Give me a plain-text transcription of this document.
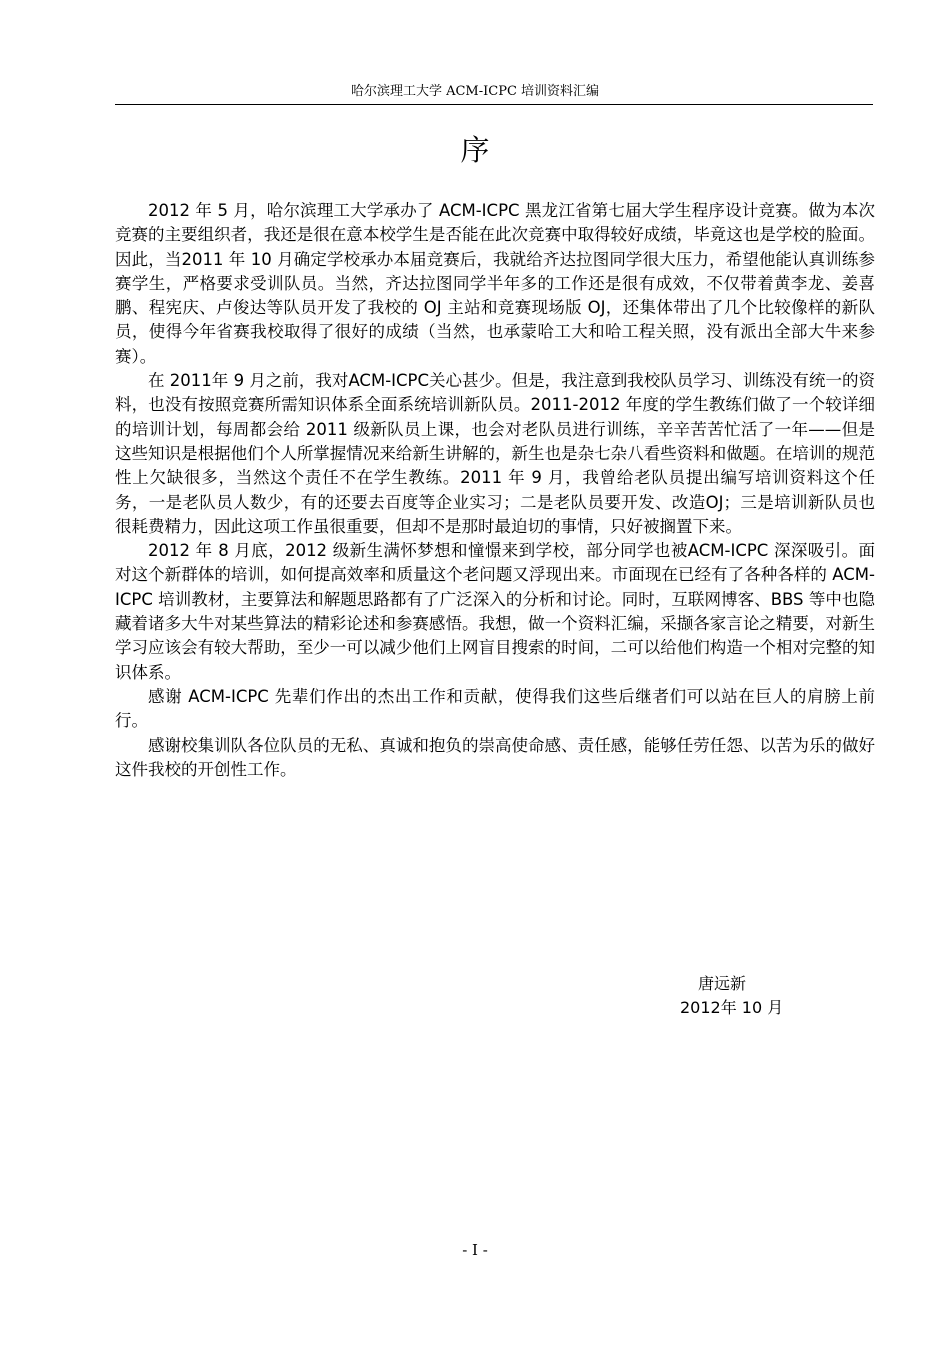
哈尔滨理工大学 ACM-ICPC 培训资料汇编
序

2012 年 5 月，哈尔滨理工大学承办了 ACM-ICPC 黑龙江省第七届大学生程序设计竞赛。做为本次竞赛的主要组织者，我还是很在意本校学生是否能在此次竞赛中取得较好成绩，毕竟这也是学校的脸面。因此，当2011 年 10 月确定学校承办本届竞赛后，我就给齐达拉图同学很大压力，希望他能认真训练参赛学生，严格要求受训队员。当然，齐达拉图同学半年多的工作还是很有成效，不仅带着黄李龙、姜喜鹏、程宪庆、卢俊达等队员开发了我校的 OJ 主站和竞赛现场版 OJ，还集体带出了几个比较像样的新队员，使得今年省赛我校取得了很好的成绩（当然，也承蒙哈工大和哈工程关照，没有派出全部大牛来参赛）。

在 2011年 9 月之前，我对ACM-ICPC关心甚少。但是，我注意到我校队员学习、训练没有统一的资料，也没有按照竞赛所需知识体系全面系统培训新队员。2011-2012 年度的学生教练们做了一个较详细的培训计划，每周都会给 2011 级新队员上课，也会对老队员进行训练，辛辛苦苦忙活了一年——但是这些知识是根据他们个人所掌握情况来给新生讲解的，新生也是杂七杂八看些资料和做题。在培训的规范性上欠缺很多，当然这个责任不在学生教练。2011 年 9 月，我曾给老队员提出编写培训资料这个任务，一是老队员人数少，有的还要去百度等企业实习；二是老队员要开发、改造OJ；三是培训新队员也很耗费精力，因此这项工作虽很重要，但却不是那时最迫切的事情，只好被搁置下来。

2012 年 8 月底，2012 级新生满怀梦想和憧憬来到学校，部分同学也被ACM-ICPC 深深吸引。面对这个新群体的培训，如何提高效率和质量这个老问题又浮现出来。市面现在已经有了各种各样的 ACM-ICPC 培训教材，主要算法和解题思路都有了广泛深入的分析和讨论。同时，互联网博客、BBS 等中也隐藏着诸多大牛对某些算法的精彩论述和参赛感悟。我想，做一个资料汇编，采撷各家言论之精要，对新生学习应该会有较大帮助，至少一可以减少他们上网盲目搜索的时间，二可以给他们构造一个相对完整的知识体系。

感谢 ACM-ICPC 先辈们作出的杰出工作和贡献，使得我们这些后继者们可以站在巨人的肩膀上前行。

感谢校集训队各位队员的无私、真诚和抱负的崇高使命感、责任感，能够任劳任怨、以苦为乐的做好这件我校的开创性工作。

唐远新
2012年 10 月
- I -
